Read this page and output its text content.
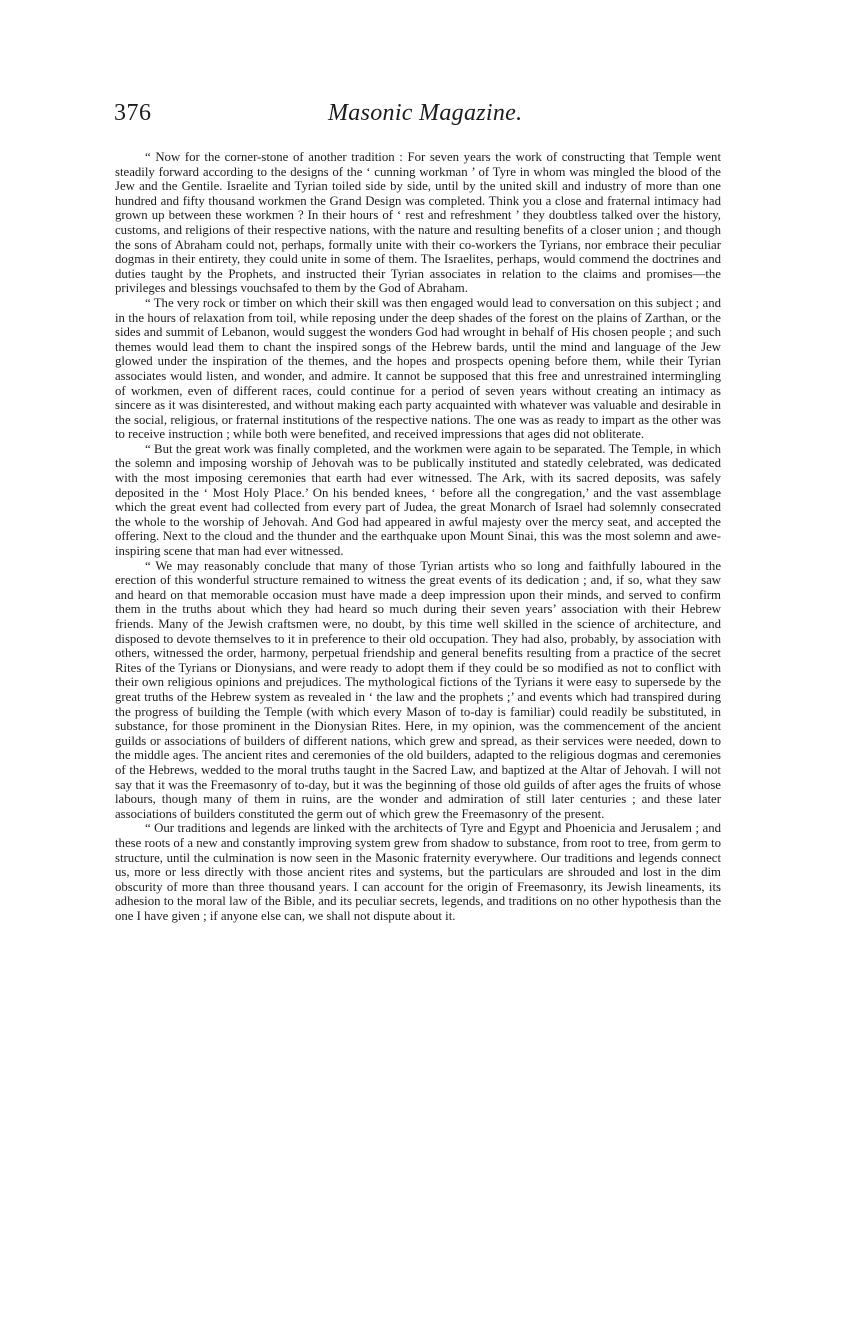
376	Masonic Magazine.

“ Now for the corner-stone of another tradition : For seven years the work of constructing that Temple went steadily forward according to the designs of the ‘ cunning workman ’ of Tyre in whom was mingled the blood of the Jew and the Gentile. Israelite and Tyrian toiled side by side, until by the united skill and industry of more than one hundred and fifty thousand workmen the Grand Design was completed. Think you a close and fraternal intimacy had grown up between these workmen ? In their hours of ‘ rest and refreshment ’ they doubtless talked over the history, customs, and religions of their respective nations, with the nature and resulting benefits of a closer union ; and though the sons of Abraham could not, perhaps, formally unite with their co-workers the Tyrians, nor embrace their peculiar dogmas in their entirety, they could unite in some of them. The Israelites, perhaps, would commend the doctrines and duties taught by the Prophets, and instructed their Tyrian associates in relation to the claims and promises—the privileges and blessings vouchsafed to them by the God of Abraham.

“ The very rock or timber on which their skill was then engaged would lead to conversation on this subject ; and in the hours of relaxation from toil, while reposing under the deep shades of the forest on the plains of Zarthan, or the sides and summit of Lebanon, would suggest the wonders God had wrought in behalf of His chosen people ; and such themes would lead them to chant the inspired songs of the Hebrew bards, until the mind and language of the Jew glowed under the inspiration of the themes, and the hopes and prospects opening before them, while their Tyrian associates would listen, and wonder, and admire. It cannot be supposed that this free and unrestrained intermingling of workmen, even of different races, could continue for a period of seven years without creating an intimacy as sincere as it was disinterested, and without making each party acquainted with whatever was valuable and desirable in the social, religious, or fraternal institutions of the respective nations. The one was as ready to impart as the other was to receive instruction ; while both were benefited, and received impressions that ages did not obliterate.

“ But the great work was finally completed, and the workmen were again to be separated. The Temple, in which the solemn and imposing worship of Jehovah was to be publically instituted and statedly celebrated, was dedicated with the most imposing ceremonies that earth had ever witnessed. The Ark, with its sacred deposits, was safely deposited in the ‘ Most Holy Place.’ On his bended knees, ‘ before all the congregation,’ and the vast assemblage which the great event had collected from every part of Judea, the great Monarch of Israel had solemnly consecrated the whole to the worship of Jehovah. And God had appeared in awful majesty over the mercy seat, and accepted the offering. Next to the cloud and the thunder and the earthquake upon Mount Sinai, this was the most solemn and awe-inspiring scene that man had ever witnessed.

“ We may reasonably conclude that many of those Tyrian artists who so long and faithfully laboured in the erection of this wonderful structure remained to witness the great events of its dedication ; and, if so, what they saw and heard on that memorable occasion must have made a deep impression upon their minds, and served to confirm them in the truths about which they had heard so much during their seven years’ association with their Hebrew friends. Many of the Jewish craftsmen were, no doubt, by this time well skilled in the science of architecture, and disposed to devote themselves to it in preference to their old occupation. They had also, probably, by association with others, witnessed the order, harmony, perpetual friendship and general benefits resulting from a practice of the secret Rites of the Tyrians or Dionysians, and were ready to adopt them if they could be so modified as not to conflict with their own religious opinions and prejudices. The mythological fictions of the Tyrians it were easy to supersede by the great truths of the Hebrew system as revealed in ‘ the law and the prophets ;’ and events which had transpired during the progress of building the Temple (with which every Mason of to-day is familiar) could readily be substituted, in substance, for those prominent in the Dionysian Rites. Here, in my opinion, was the commencement of the ancient guilds or associations of builders of different nations, which grew and spread, as their services were needed, down to the middle ages. The ancient rites and ceremonies of the old builders, adapted to the religious dogmas and ceremonies of the Hebrews, wedded to the moral truths taught in the Sacred Law, and baptized at the Altar of Jehovah. I will not say that it was the Freemasonry of to-day, but it was the beginning of those old guilds of after ages the fruits of whose labours, though many of them in ruins, are the wonder and admiration of still later centuries ; and these later associations of builders constituted the germ out of which grew the Freemasonry of the present.

“ Our traditions and legends are linked with the architects of Tyre and Egypt and Phoenicia and Jerusalem ; and these roots of a new and constantly improving system grew from shadow to substance, from root to tree, from germ to structure, until the culmination is now seen in the Masonic fraternity everywhere. Our traditions and legends connect us, more or less directly with those ancient rites and systems, but the particulars are shrouded and lost in the dim obscurity of more than three thousand years. I can account for the origin of Freemasonry, its Jewish lineaments, its adhesion to the moral law of the Bible, and its peculiar secrets, legends, and traditions on no other hypothesis than the one I have given ; if anyone else can, we shall not dispute about it.
